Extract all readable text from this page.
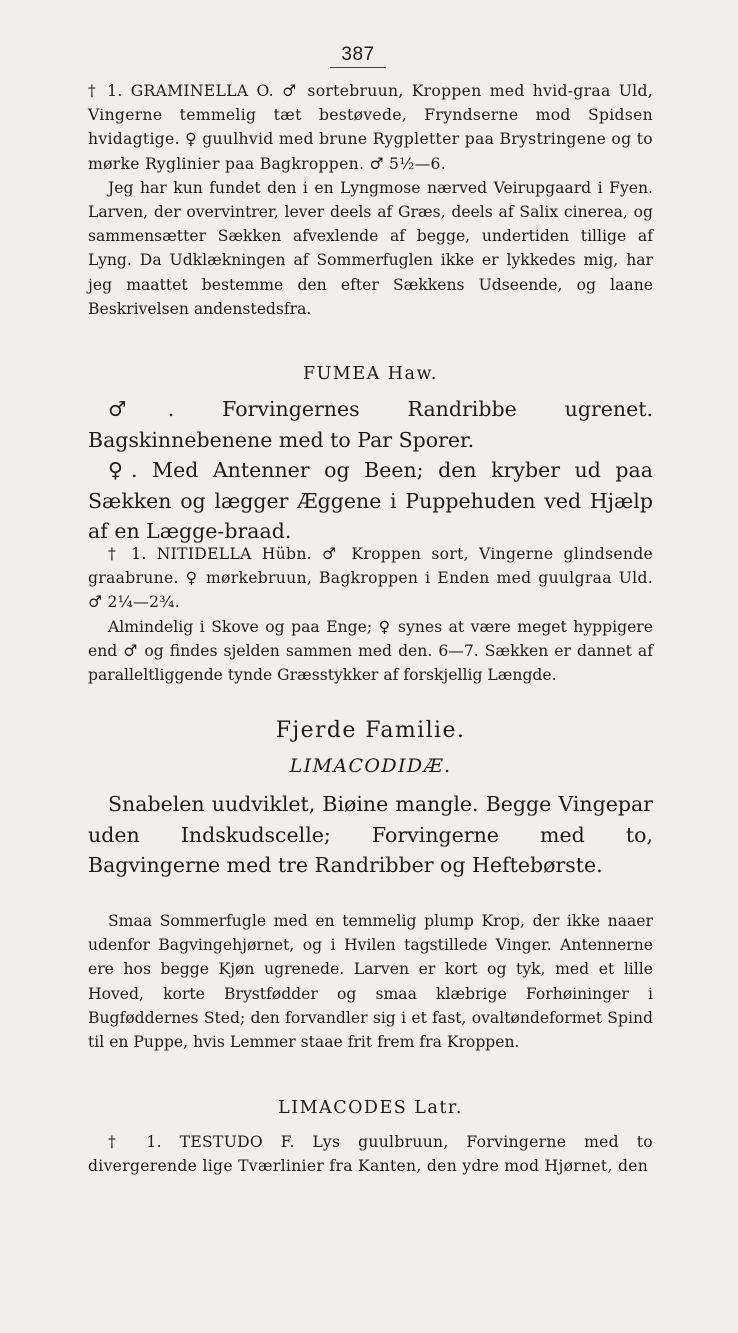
387

† 1. GRAMINELLA O. ♂ sortebruun, Kroppen med hvid-graa Uld, Vingerne temmelig tæt bestøvede, Fryndserne mod Spidsen hvidagtige. ♀ guulhvid med brune Rygpletter paa Brystringene og to mørke Ryglinier paa Bagkroppen. ♂ 5½—6.

Jeg har kun fundet den i en Lyngmose nærved Veirupgaard i Fyen. Larven, der overvintrer, lever deels af Græs, deels af Salix cinerea, og sammensætter Sækken afvexlende af begge, undertiden tillige af Lyng. Da Udklækningen af Sommerfuglen ikke er lykkedes mig, har jeg maattet bestemme den efter Sækkens Udseende, og laane Beskrivelsen andenstedsfra.

FUMEA Haw.

♂. Forvingernes Randribbe ugrenet. Bagskinnebenene med to Par Sporer.

♀. Med Antenner og Been; den kryber ud paa Sækken og lægger Æggene i Puppehuden ved Hjælp af en Lægge-braad.

† 1. NITIDELLA Hübn. ♂ Kroppen sort, Vingerne glindsende graabrune. ♀ mørkebruun, Bagkroppen i Enden med guulgraa Uld. ♂ 2¼—2¾.

Almindelig i Skove og paa Enge; ♀ synes at være meget hyppigere end ♂ og findes sjelden sammen med den. 6—7. Sækken er dannet af paralleltliggende tynde Græsstykker af forskjellig Længde.

Fjerde Familie.

LIMACODIDÆ.

Snabelen uudviklet, Biøine mangle. Begge Vingepar uden Indskudscelle; Forvingerne med to, Bagvingerne med tre Randribber og Heftebørste.

Smaa Sommerfugle med en temmelig plump Krop, der ikke naaer udenfor Bagvingehjørnet, og i Hvilen tagstillede Vinger. Antennerne ere hos begge Kjøn ugrenede. Larven er kort og tyk, med et lille Hoved, korte Brystfødder og smaa klæbrige Forhøininger i Bugføddernes Sted; den forvandler sig i et fast, ovaltøndeformet Spind til en Puppe, hvis Lemmer staae frit frem fra Kroppen.

LIMACODES Latr.

† 1. TESTUDO F. Lys guulbruun, Forvingerne med to divergerende lige Tværlinier fra Kanten, den ydre mod Hjørnet, den
